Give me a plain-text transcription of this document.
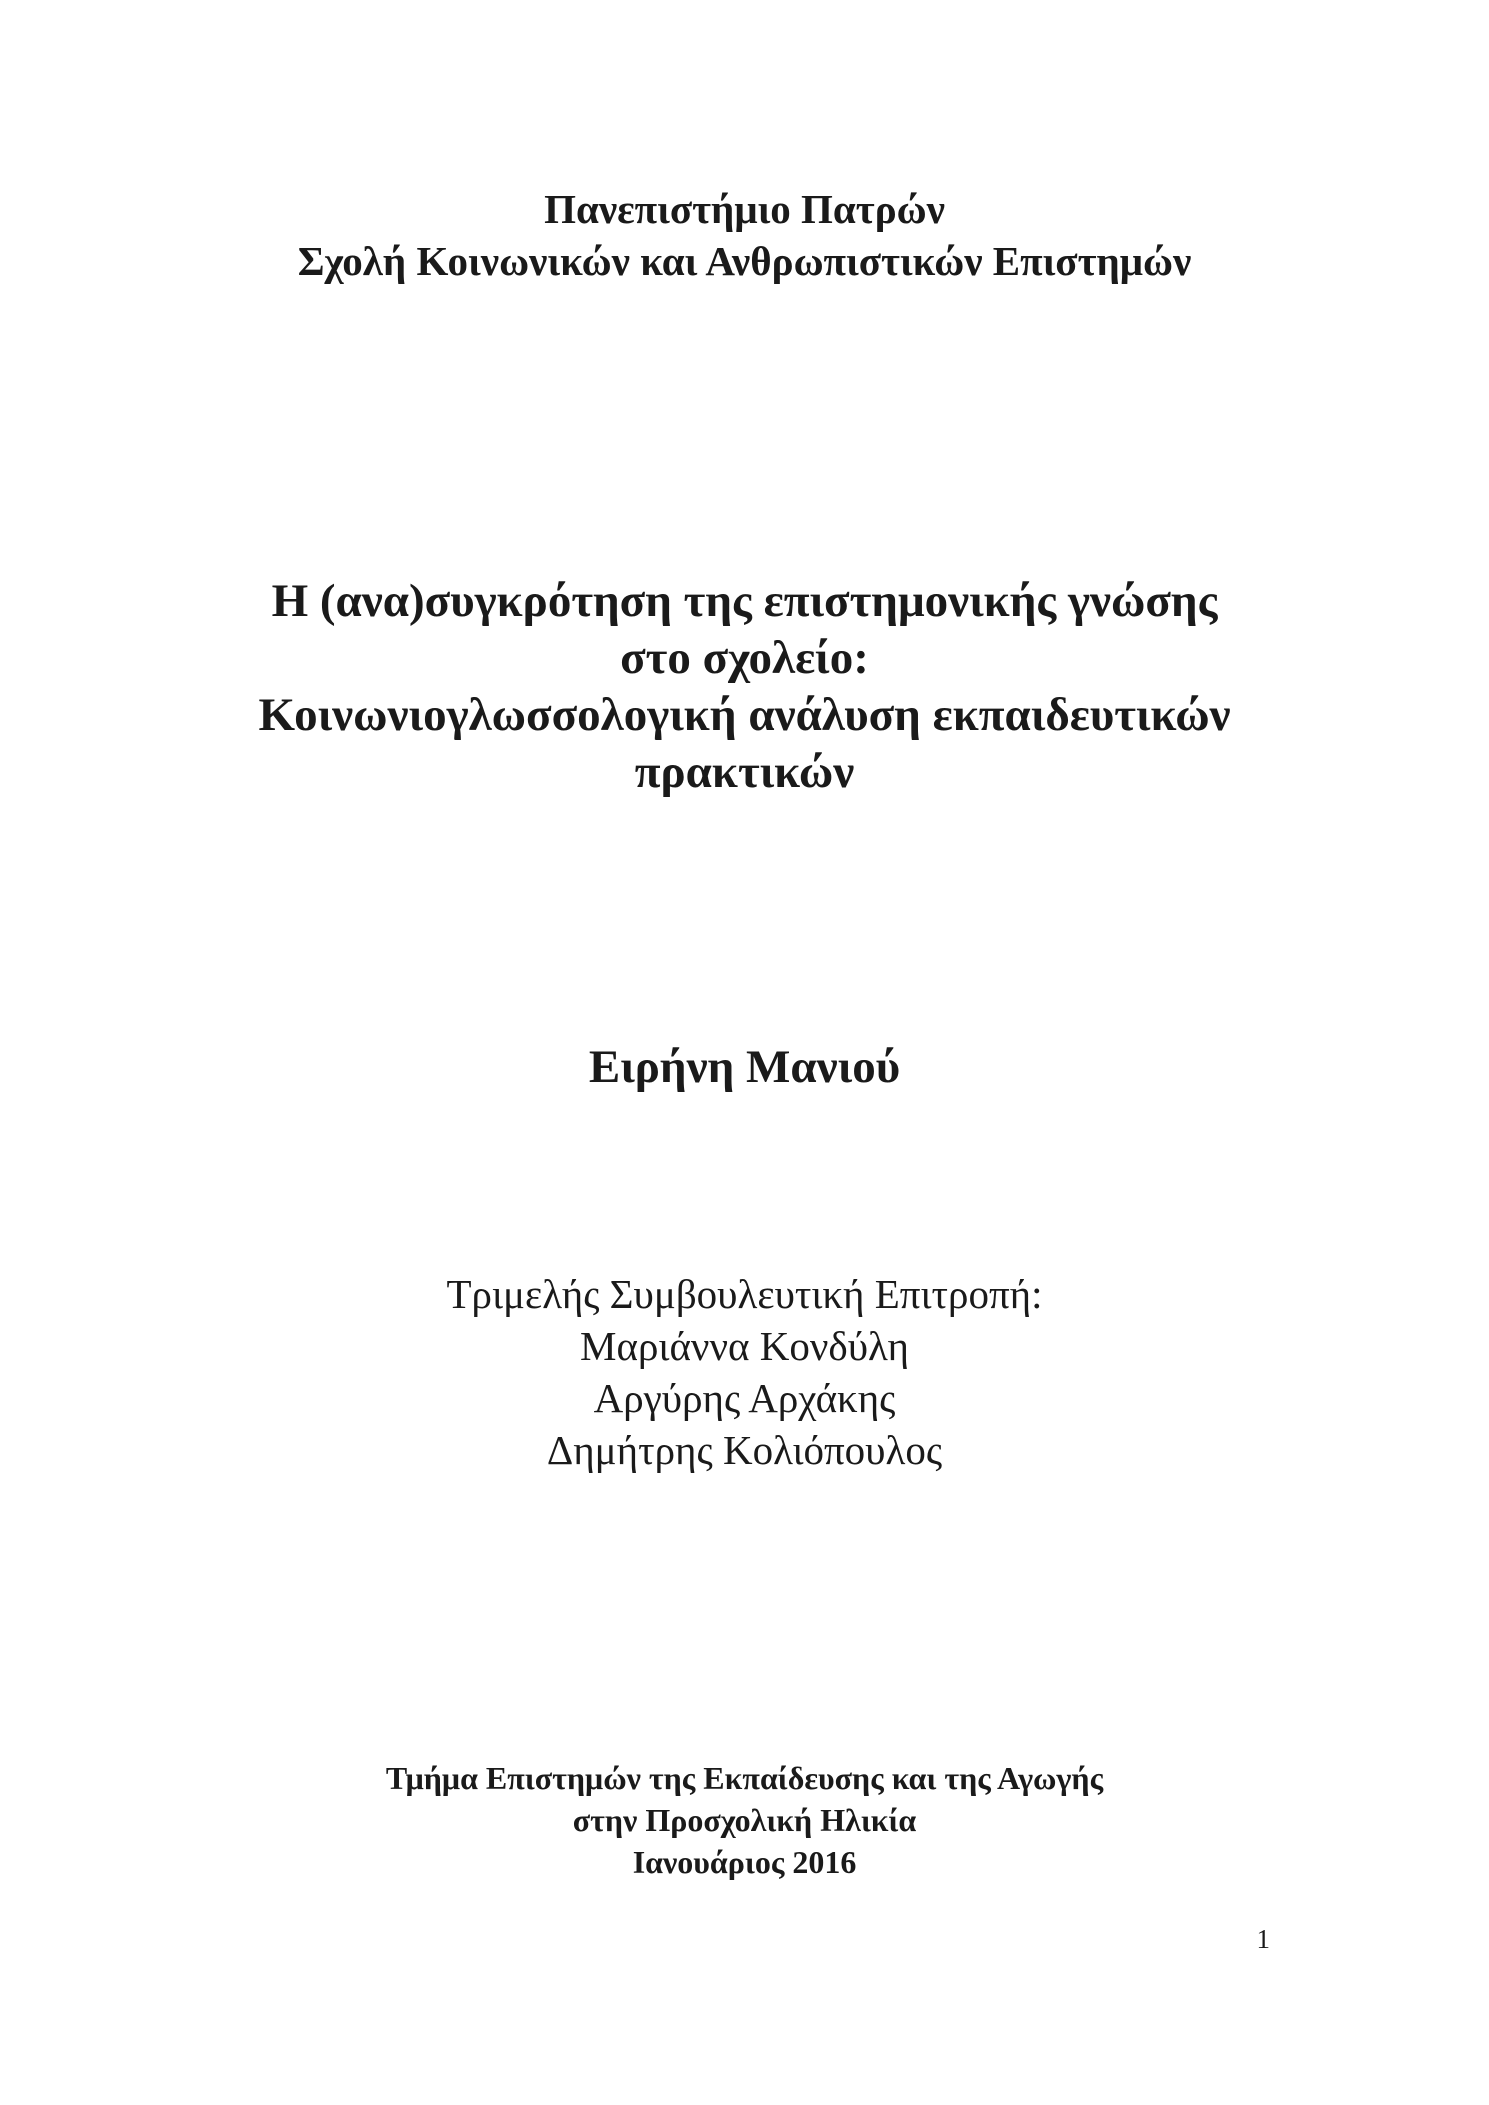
Πανεπιστήμιο Πατρών
Σχολή Κοινωνικών και Ανθρωπιστικών Επιστημών
Η (ανα)συγκρότηση της επιστημονικής γνώσης
στο σχολείο:
Κοινωνιογλωσσολογική ανάλυση εκπαιδευτικών
πρακτικών
Ειρήνη Μανιού
Τριμελής Συμβουλευτική Επιτροπή:
Μαριάννα Κονδύλη
Αργύρης Αρχάκης
Δημήτρης Κολιόπουλος
Τμήμα Επιστημών της Εκπαίδευσης και της Αγωγής
στην Προσχολική Ηλικία
Ιανουάριος 2016
1
